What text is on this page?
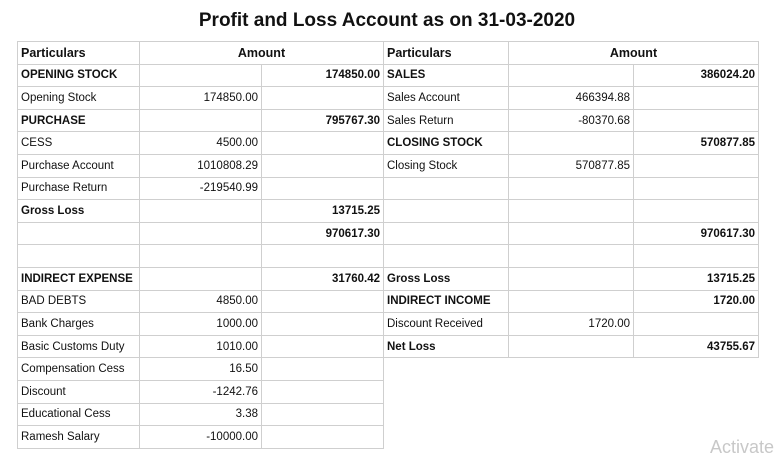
Profit and Loss Account as on 31-03-2020
Particulars	Amount		Particulars	Amount	
OPENING STOCK		174850.00	SALES		386024.20
Opening Stock	174850.00		Sales Account	466394.88	
PURCHASE		795767.30	Sales Return	-80370.68	
CESS	4500.00		CLOSING STOCK		570877.85
Purchase Account	1010808.29		Closing Stock	570877.85	
Purchase Return	-219540.99				
Gross Loss		13715.25			
		970617.30			970617.30

INDIRECT EXPENSE		31760.42	Gross Loss		13715.25
BAD DEBTS	4850.00		INDIRECT INCOME		1720.00
Bank Charges	1000.00		Discount Received	1720.00	
Basic Customs Duty	1010.00		Net Loss		43755.67
Compensation Cess	16.50				
Discount	-1242.76				
Educational Cess	3.38				
Ramesh Salary	-10000.00				
Activate
